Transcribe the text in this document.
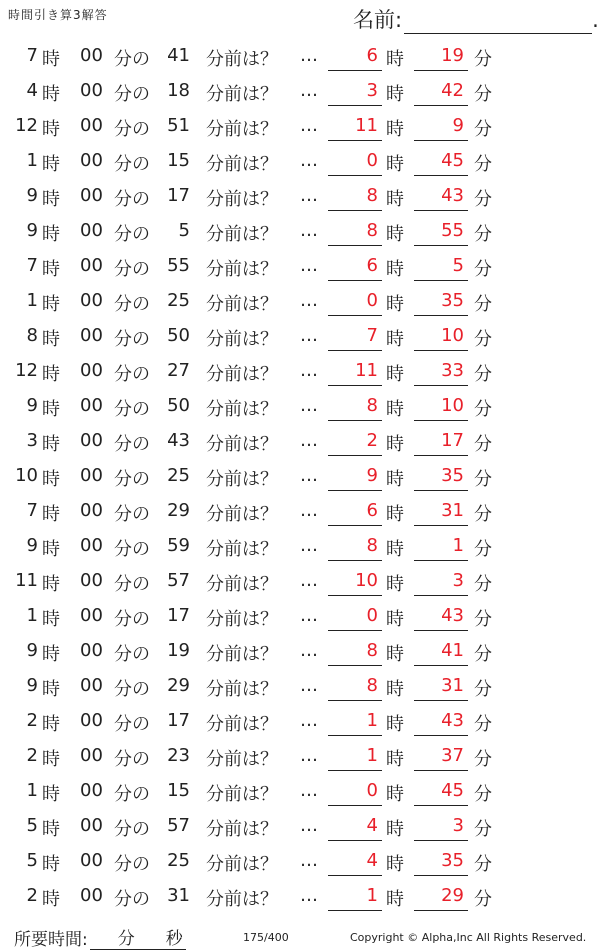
時間引き算3解答	名前:	.
7 時 00 分の 41 分前は？ …	6 時	19 分
4 時 00 分の 18 分前は？ …	3 時	42 分
12 時 00 分の 51 分前は？ …	11 時	9 分
1 時 00 分の 15 分前は？ …	0 時	45 分
9 時 00 分の 17 分前は？ …	8 時	43 分
9 時 00 分の	5 分前は？ …	8 時	55 分
7 時 00 分の 55 分前は？ …	6 時	5 分
1 時 00 分の 25 分前は？ …	0 時	35 分
8 時 00 分の 50 分前は？ …	7 時	10 分
12 時 00 分の 27 分前は？ …	11 時	33 分
9 時 00 分の 50 分前は？ …	8 時	10 分
3 時 00 分の 43 分前は？ …	2 時	17 分
10 時 00 分の 25 分前は？ …	9 時	35 分
7 時 00 分の 29 分前は？ …	6 時	31 分
9 時 00 分の 59 分前は？ …	8 時	1 分
11 時 00 分の 57 分前は？ …	10 時	3 分
1 時 00 分の 17 分前は？ …	0 時	43 分
9 時 00 分の 19 分前は？ …	8 時	41 分
9 時 00 分の 29 分前は？ …	8 時	31 分
2 時 00 分の 17 分前は？ …	1 時	43 分
2 時 00 分の 23 分前は？ …	1 時	37 分
1 時 00 分の 15 分前は？ …	0 時	45 分
5 時 00 分の 57 分前は？ …	4 時	3 分
5 時 00 分の 25 分前は？ …	4 時	35 分
2 時 00 分の 31 分前は？ …	1 時	29 分
所要時間: 分 秒	175/400	Copyright © Alpha,Inc All Rights Reserved.
